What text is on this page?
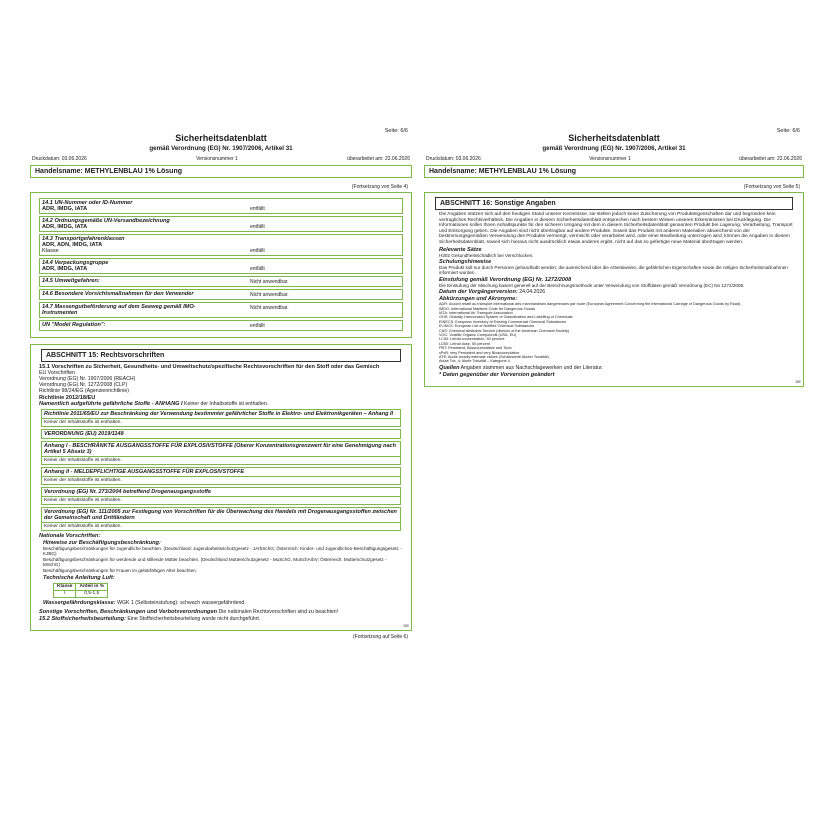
Seite: 6/6
Sicherheitsdatenblatt
gemäß Verordnung (EG) Nr. 1907/2006, Artikel 31
Druckdatum: 03.06.2026	Versionsnummer 1	überarbeitet am: 22.06.2026
Handelsname: METHYLENBLAU 1% Lösung
(Fortsetzung von Seite 4)
14.1 UN-Nummer oder ID-Nummer
ADR, IMDG, IATA	entfällt
14.2 Ordnungsgemäße UN-Versandbezeichnung
ADR, IMDG, IATA	entfällt
14.3 Transportgefahrenklassen
ADR, ADN, IMDG, IATA
Klasse	entfällt
14.4 Verpackungsgruppe
ADR, IMDG, IATA	entfällt
14.5 Umweltgefahren:	Nicht anwendbar.
14.6 Besondere Vorsichtsmaßnahmen für den Verwender	Nicht anwendbar.
14.7 Massengutbeförderung auf dem Seeweg gemäß IMO-Instrumenten
Nicht anwendbar.
UN "Model Regulation":	entfällt
ABSCHNITT 15: Rechtsvorschriften
15.1 Vorschriften zu Sicherheit, Gesundheits- und Umweltschutz/spezifische Rechtsvorschriften für den Stoff oder das Gemisch
EU Vorschriften
Verordnung (EG) Nr. 1907/2006 (REACH)
Verordnung (EG) Nr. 1272/2008 (CLP)
Richtlinie 98/24/EG (Agenzienrichtlinie)
Richtlinie 2012/18/EU
Namentlich aufgeführte gefährliche Stoffe - ANHANG I Keiner der Inhaltsstoffe ist enthalten.
Richtlinie 2011/65/EU zur Beschränkung der Verwendung bestimmter gefährlicher Stoffe in Elektro- und Elektronikgeräten – Anhang II
Keiner der Inhaltsstoffe ist enthalten.
VERORDNUNG (EU) 2019/1148
Anhang I - BESCHRÄNKTE AUSGANGSSTOFFE FÜR EXPLOSIVSTOFFE (Oberer Konzentrationsgrenzwert für eine Genehmigung nach Artikel 5 Absatz 3)
Keiner der Inhaltsstoffe ist enthalten.
Anhang II - MELDEPFLICHTIGE AUSGANGSSTOFFE FÜR EXPLOSIVSTOFFE
Keiner der Inhaltsstoffe ist enthalten.
Verordnung (EG) Nr. 273/2004 betreffend Drogenausgangsstoffe
Keiner der Inhaltsstoffe ist enthalten.
Verordnung (EG) Nr. 111/2005 zur Festlegung von Vorschriften für die Überwachung des Handels mit Drogenausgangsstoffen zwischen der Gemeinschaft und Drittländern
Keiner der Inhaltsstoffe ist enthalten.
Nationale Vorschriften:
Hinweise zur Beschäftigungsbeschränkung:
Beschäftigungsbeschränkungen für Jugendliche beachten. (Deutschland: Jugendarbeitsschutzgesetz - JArbSchG; Österreich: Kinder- und Jugendlichen-Beschäftigungsgesetz - KJBG)
Beschäftigungsbeschränkungen für werdende und stillende Mütter beachten. (Deutschland Mutterschutzgesetz - MuSchG, MuSchArbV; Österreich: Mutterschutzgesetz - MSchG)
Beschäftigungsbeschränkungen für Frauen im gebärfähigen Alter beachten.
Technische Anleitung Luft:
Klasse	Anteil in %
I	0,5-1,5
Wassergefährdungsklasse: WGK 1 (Selbsteinstufung): schwach wassergefährdend.
Sonstige Vorschriften, Beschränkungen und Verbotsverordnungen Die nationalen Rechtsvorschriften sind zu beachten!
15.2 Stoffsicherheitsbeurteilung: Eine Stoffsicherheitsbeurteilung wurde nicht durchgeführt.
DE
(Fortsetzung auf Seite 6)
Seite: 6/6
Sicherheitsdatenblatt
gemäß Verordnung (EG) Nr. 1907/2006, Artikel 31
Druckdatum: 03.06.2026	Versionsnummer 1	überarbeitet am: 22.06.2026
Handelsname: METHYLENBLAU 1% Lösung
(Fortsetzung von Seite 5)
ABSCHNITT 16: Sonstige Angaben
Die Angaben stützen sich auf den heutigen Stand unserer Kenntnisse, sie stellen jedoch keine Zusicherung von Produkteigenschaften dar und begründen kein vertragliches Rechtsverhältnis. Die Angaben in diesem Sicherheitsdatenblatt entsprechen nach bestem Wissen unseren Erkenntnissen bei Drucklegung. Die Informationen sollen Ihnen Anhaltspunkte für den sicheren Umgang mit dem in diesem Sicherheitsdatenblatt genannten Produkt bei Lagerung, Verarbeitung, Transport und Entsorgung geben. Die Angaben sind nicht übertragbar auf andere Produkte. Soweit das Produkt mit anderen Materialien abweichend von der bestimmungsgemäßen Verwendung des Produkts vermengt, vermischt oder verarbeitet wird, oder einer Bearbeitung unterzogen wird, können die Angaben in diesem Sicherheitsdatenblatt, soweit sich hieraus nicht ausdrücklich etwas anderes ergibt, nicht auf das so gefertigte neue Material übertragen werden.
Relevante Sätze
H302 Gesundheitsschädlich bei Verschlucken.
Schulungshinweise
Das Produkt soll nur durch Personen gehandhabt werden, die ausreichend über die Arbeitsweise, die gefährlichen Eigenschaften sowie die nötigen Sicherheitsmaßnahmen informiert wurden.
Einstufung gemäß Verordnung (EG) Nr. 1272/2008
Die Einstufung der Mischung basiert generell auf der Berechnungsmethode unter Verwendung von Stoffdaten gemäß Verordnung (EC) No 1272/2008.
Datum der Vorgängerversion: 24.04.2026
Abkürzungen und Akronyme:
ADR: Accord relatif au transport international des marchandises dangereuses par route (European Agreement Concerning the International Carriage of Dangerous Goods by Road)
IMDG: International Maritime Code for Dangerous Goods
IATA: International Air Transport Association
GHS: Globally Harmonised System of Classification and Labelling of Chemicals
EINECS: European Inventory of Existing Commercial Chemical Substances
ELINCS: European List of Notified Chemical Substances
CAS: Chemical Abstracts Service (division of the American Chemical Society)
VOC: Volatile Organic Compounds (USA, EU)
LC50: Lethal concentration, 50 percent
LD50: Lethal dose, 50 percent
PBT: Persistent, Bioaccumulative and Toxic
vPvB: very Persistent and very Bioaccumulative
ATE: Acute toxicity estimate values (Schätzwerte Akuter Toxizität)
Acute Tox. 4: Akute Toxizität – Kategorie 4
Quellen Angaben stammen aus Nachschlagewerken und der Literatur.
* Daten gegenüber der Vorversion geändert
DE
